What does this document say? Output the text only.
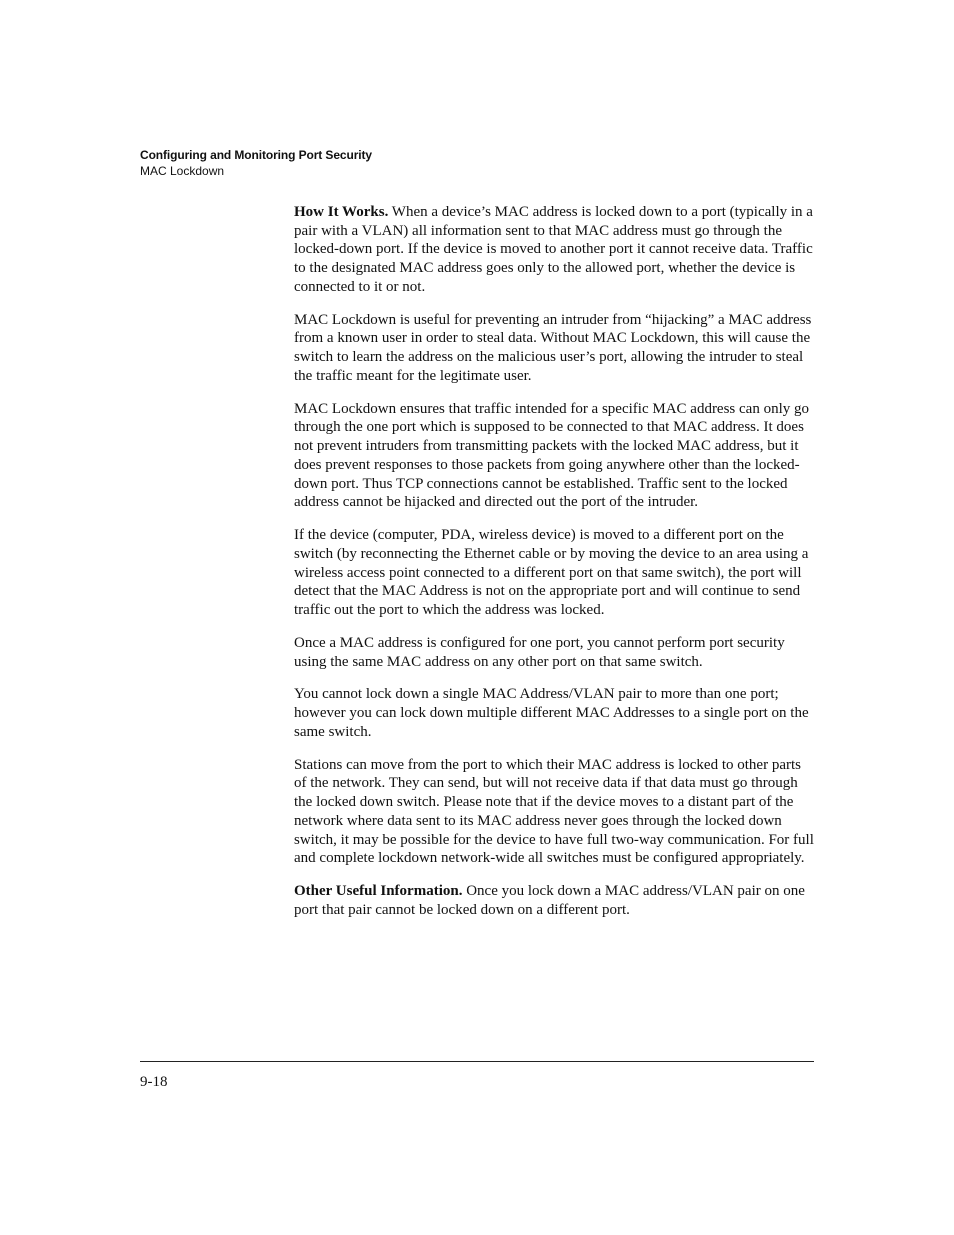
Configuring and Monitoring Port Security
MAC Lockdown

How It Works. When a device’s MAC address is locked down to a port (typically in a pair with a VLAN) all information sent to that MAC address must go through the locked-down port. If the device is moved to another port it cannot receive data. Traffic to the designated MAC address goes only to the allowed port, whether the device is connected to it or not.

MAC Lockdown is useful for preventing an intruder from “hijacking” a MAC address from a known user in order to steal data. Without MAC Lockdown, this will cause the switch to learn the address on the malicious user’s port, allowing the intruder to steal the traffic meant for the legitimate user.

MAC Lockdown ensures that traffic intended for a specific MAC address can only go through the one port which is supposed to be connected to that MAC address. It does not prevent intruders from transmitting packets with the locked MAC address, but it does prevent responses to those packets from going anywhere other than the locked-down port. Thus TCP connections cannot be established. Traffic sent to the locked address cannot be hijacked and directed out the port of the intruder.

If the device (computer, PDA, wireless device) is moved to a different port on the switch (by reconnecting the Ethernet cable or by moving the device to an area using a wireless access point connected to a different port on that same switch), the port will detect that the MAC Address is not on the appropriate port and will continue to send traffic out the port to which the address was locked.

Once a MAC address is configured for one port, you cannot perform port security using the same MAC address on any other port on that same switch.

You cannot lock down a single MAC Address/VLAN pair to more than one port; however you can lock down multiple different MAC Addresses to a single port on the same switch.

Stations can move from the port to which their MAC address is locked to other parts of the network. They can send, but will not receive data if that data must go through the locked down switch. Please note that if the device moves to a distant part of the network where data sent to its MAC address never goes through the locked down switch, it may be possible for the device to have full two-way communication. For full and complete lockdown network-wide all switches must be configured appropriately.

Other Useful Information. Once you lock down a MAC address/VLAN pair on one port that pair cannot be locked down on a different port.

9-18
